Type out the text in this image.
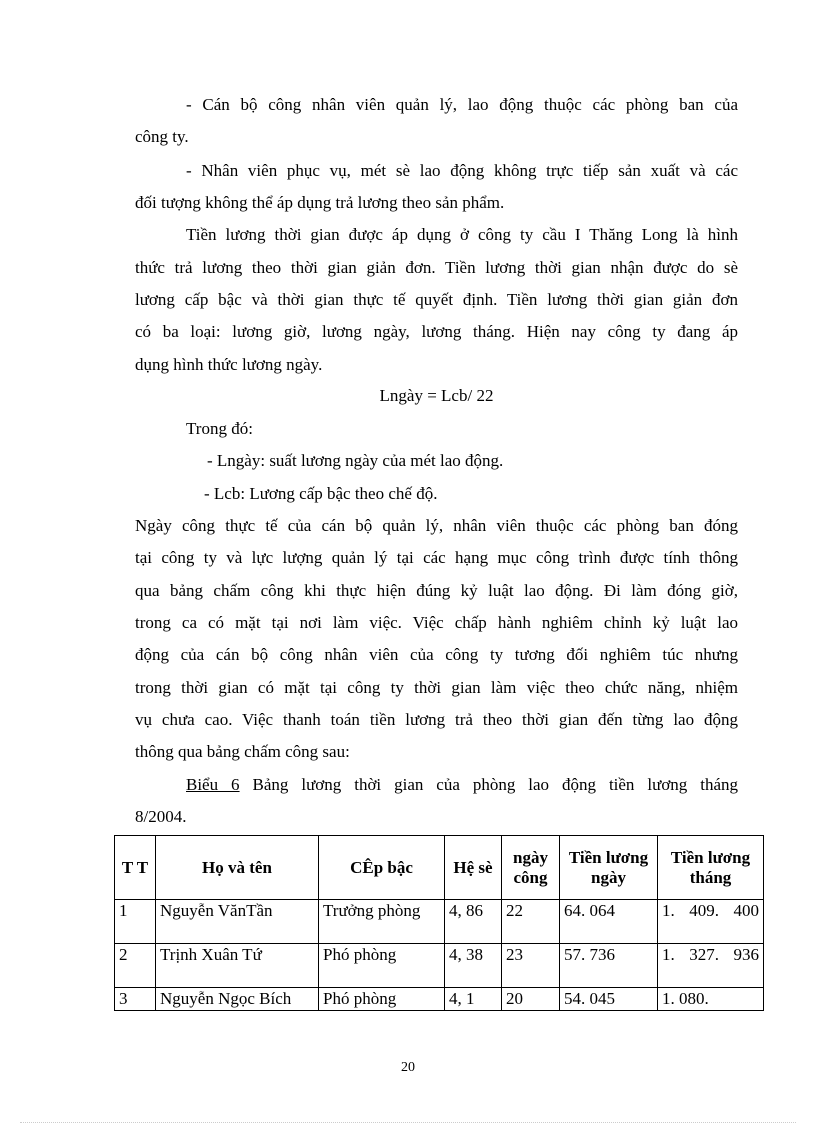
- Cán bộ công nhân viên quản lý, lao động thuộc các phòng ban của
công ty.
- Nhân viên phục vụ, mét sè lao động không trực tiếp sản xuất và các
đối tượng không thể áp dụng trả lương theo sản phẩm.
Tiền lương thời gian được áp dụng ở công ty cầu I Thăng Long là hình
thức trả lương theo thời gian giản đơn. Tiền lương thời gian nhận được do sè
lương cấp bậc và thời gian thực tế quyết định. Tiền lương thời gian giản đơn
có ba loại: lương giờ, lương ngày, lương tháng. Hiện nay công ty đang áp
dụng hình thức lương ngày.
Lngày = Lcb/ 22
Trong đó:
- Lngày: suất lương ngày của mét lao động.
- Lcb: Lương cấp bậc theo chế độ.
Ngày công thực tế của cán bộ quản lý, nhân viên thuộc các phòng ban đóng
tại công ty và lực lượng quản lý tại các hạng mục công trình được tính thông
qua bảng chấm công khi thực hiện đúng kỷ luật lao động. Đi làm đóng giờ,
trong ca có mặt tại nơi làm việc. Việc chấp hành nghiêm chỉnh kỷ luật lao
động của cán bộ công nhân viên của công ty tương đối nghiêm túc nhưng
trong thời gian có mặt tại công ty thời gian làm việc theo chức năng, nhiệm
vụ chưa cao. Việc thanh toán tiền lương trả theo thời gian đến từng lao động
thông qua bảng chấm công sau:
Biểu 6 Bảng lương thời gian của phòng lao động tiền lương tháng
8/2004.
T T	Họ và tên	CÊp bậc	Hệ sè	ngày công	Tiền lương ngày	Tiền lương tháng
1	Nguyễn VănTần	Trưởng phòng	4, 86	22	64. 064	1. 409. 400
2	Trịnh Xuân Tứ	Phó phòng	4, 38	23	57. 736	1. 327. 936
3	Nguyễn Ngọc Bích	Phó phòng	4, 1	20	54. 045	1. 080.
20
